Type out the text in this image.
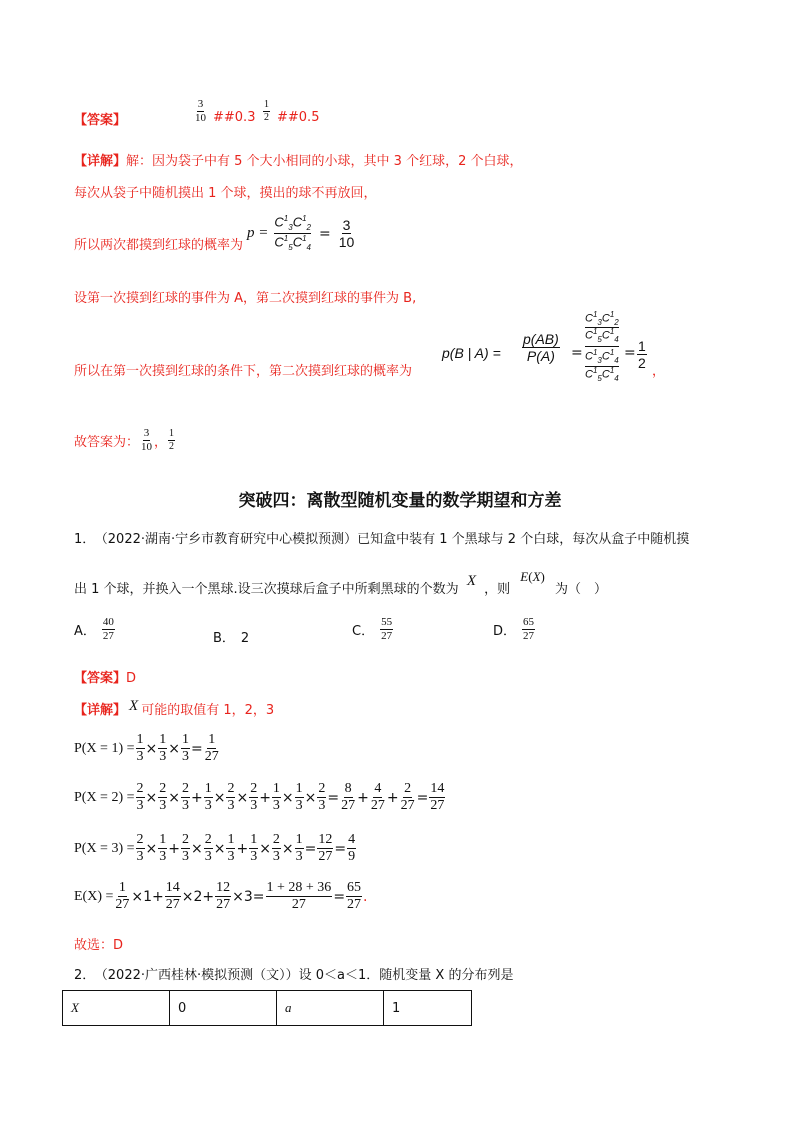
【答案】	$\frac{3}{10}$ ##0.3 $\frac{1}{2}$ ##0.5
【详解】解：因为袋子中有 5 个大小相同的小球，其中 3 个红球，2 个白球，
每次从袋子中随机摸出 1 个球，摸出的球不再放回，
所以两次都摸到红球的概率为
p =
$C^1_3C^1_2$
$C^1_5C^1_4$
= $\frac{3}{10}$
设第一次摸到红球的事件为 A，第二次摸到红球的事件为 B,
所以在第一次摸到红球的条件下，第二次摸到红球的概率为
p(B | $A) = \frac{p(AB)}{P(A)}$ =
$C^1_3C^1_2$
$C^1_5C^1_4$
$C^1_3C^1_4$
$C^1_5C^1_4$
= $\frac{1}{2}$
，
故答案为： $\frac{3}{10}$ ， $\frac{1}{2}$
突破四：离散型随机变量的数学期望和方差
1． （2022·湖南·宁乡市教育研究中心模拟预测）已知盒中装有 1 个黑球与 2 个白球，每次从盒子中随机摸
出 1 个球，并换入一个黑球.设三次摸球后盒子中所剩黑球的个数为 X ，则 E(X) 为（　）
A． $\frac{40}{27}$	B． 2	C． $\frac{55}{27}$	D． $\frac{65}{27}$
【答案】D
【详解】 X 可能的取值有 1，2，3
$P(X = 1) = \frac{1}{3} \times \frac{1}{3} \times \frac{1}{3} = \frac{1}{27}$
$P(X = 2) = \frac{2}{3} \times \frac{2}{3} \times \frac{2}{3} + \frac{1}{3} \times \frac{2}{3} \times \frac{2}{3} + \frac{1}{3} \times \frac{1}{3} \times \frac{2}{3} = \frac{8}{27} + \frac{4}{27} + \frac{2}{27} = \frac{14}{27}$
$P(X = 3) = \frac{2}{3} \times \frac{1}{3} + \frac{2}{3} \times \frac{2}{3} \times \frac{1}{3} + \frac{1}{3} \times \frac{2}{3} \times \frac{1}{3} = \frac{12}{27} = \frac{4}{9}$
$E(X) = \frac{1}{27} \times 1+ \frac{14}{27} \times 2+ \frac{12}{27} \times 3= \frac{1 + 28 + 36}{27} = \frac{65}{27}$ .
故选：D
2． （2022·广西桂林·模拟预测（文））设 0＜a＜1．随机变量 X 的分布列是
X	0	a	1
